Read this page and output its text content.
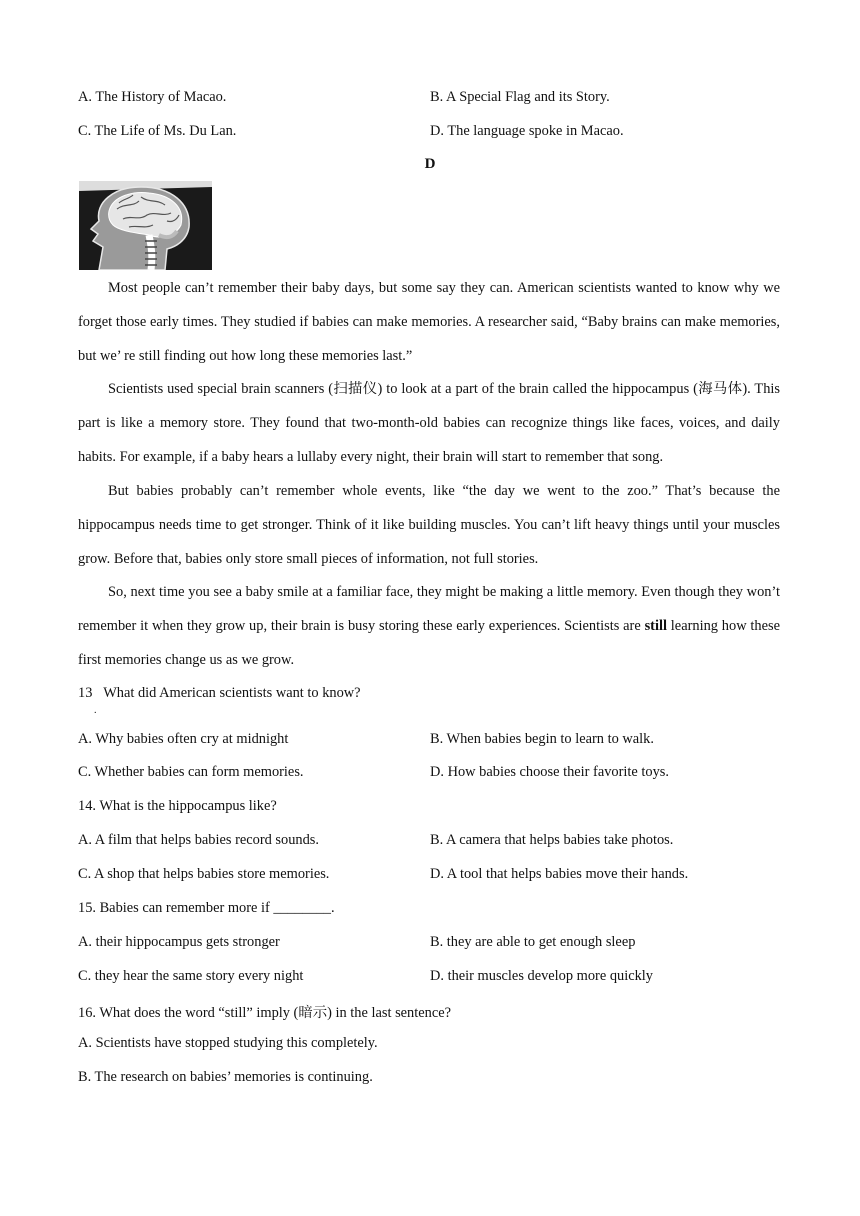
A. The History of Macao.	B. A Special Flag and its Story.
C. The Life of Ms. Du Lan.	D. The language spoke in Macao.
D
Most people can’t remember their baby days, but some say they can. American scientists wanted to know why we forget those early times. They studied if babies can make memories. A researcher said, “Baby brains can make memories, but we’ re still finding out how long these memories last.”
Scientists used special brain scanners (扫描仪) to look at a part of the brain called the hippocampus (海马体). This part is like a memory store. They found that two-month-old babies can recognize things like faces, voices, and daily habits. For example, if a baby hears a lullaby every night, their brain will start to remember that song.
But babies probably can’t remember whole events, like “the day we went to the zoo.” That’s because the hippocampus needs time to get stronger. Think of it like building muscles. You can’t lift heavy things until your muscles grow. Before that, babies only store small pieces of information, not full stories.
So, next time you see a baby smile at a familiar face, they might be making a little memory. Even though they won’t remember it when they grow up, their brain is busy storing these early experiences. Scientists are still learning how these first memories change us as we grow.
13 What did American scientists want to know?
.
A. Why babies often cry at midnight	B. When babies begin to learn to walk.
C. Whether babies can form memories.	D. How babies choose their favorite toys.
14. What is the hippocampus like?
A. A film that helps babies record sounds.	B. A camera that helps babies take photos.
C. A shop that helps babies store memories.	D. A tool that helps babies move their hands.
15. Babies can remember more if ________.
A. their hippocampus gets stronger	B. they are able to get enough sleep
C. they hear the same story every night	D. their muscles develop more quickly
16. What does the word “still” imply (暗示) in the last sentence?
A. Scientists have stopped studying this completely.
B. The research on babies’ memories is continuing.
